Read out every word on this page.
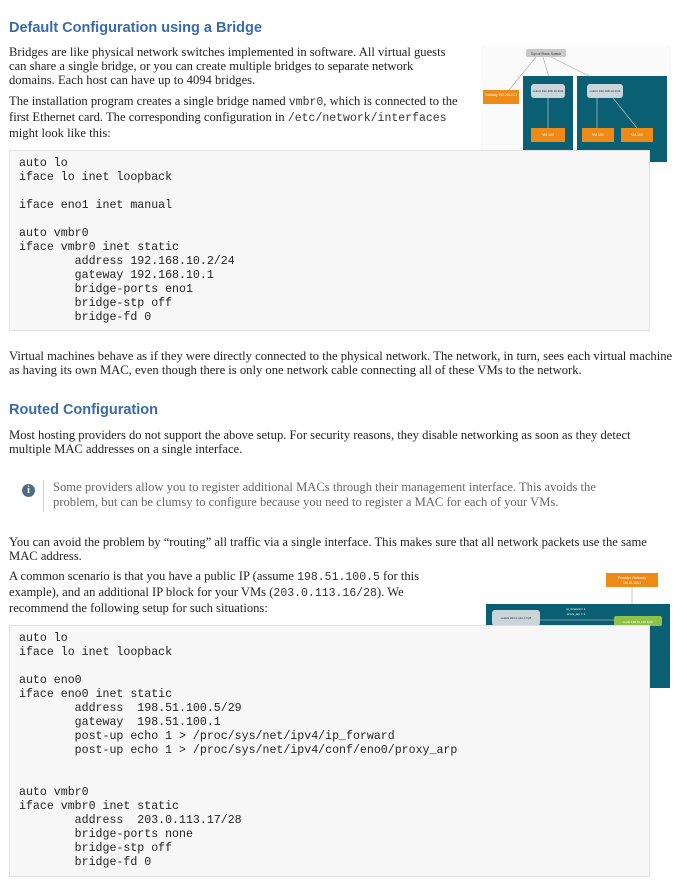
Default Configuration using a Bridge

Bridges are like physical network switches implemented in software. All virtual guests can share a single bridge, or you can create multiple bridges to separate network domains. Each host can have up to 4094 bridges.

The installation program creates a single bridge named vmbr0, which is connected to the first Ethernet card. The corresponding configuration in /etc/network/interfaces might look like this:

Top of Rack Switch
Gateway 192.168.10.1
vmbr0 192.168.10.2/24
VM 100
vmbr0 192.168.10.3/24
VM 101	VM 102
auto lo
iface lo inet loopback

iface eno1 inet manual

auto vmbr0
iface vmbr0 inet static
address 192.168.10.2/24
gateway 192.168.10.1
bridge-ports eno1
bridge-stp off
bridge-fd 0

Virtual machines behave as if they were directly connected to the physical network. The network, in turn, sees each virtual machine as having its own MAC, even though there is only one network cable connecting all of these VMs to the network.

Routed Configuration

Most hosting providers do not support the above setup. For security reasons, they disable networking as soon as they detect multiple MAC addresses on a single interface.

i	Some providers allow you to register additional MACs through their management interface. This avoids the problem, but can be clumsy to configure because you need to register a MAC for each of your VMs.

You can avoid the problem by “routing” all traffic via a single interface. This makes sure that all network packets use the same MAC address.

A common scenario is that you have a public IP (assume 198.51.100.5 for this example), and an additional IP block for your VMs (203.0.113.16/28). We recommend the following setup for such situations:

Provider Gateway
198.51.100.1
vmbr0 203.0.113.17/28
ip_forward = 1
proxy_arp = 1
eno0 198.51.100.5/29
auto lo
iface lo inet loopback

auto eno0
iface eno0 inet static
address  198.51.100.5/29
gateway  198.51.100.1
post-up echo 1 > /proc/sys/net/ipv4/ip_forward
post-up echo 1 > /proc/sys/net/ipv4/conf/eno0/proxy_arp

auto vmbr0
iface vmbr0 inet static
address  203.0.113.17/28
bridge-ports none
bridge-stp off
bridge-fd 0
